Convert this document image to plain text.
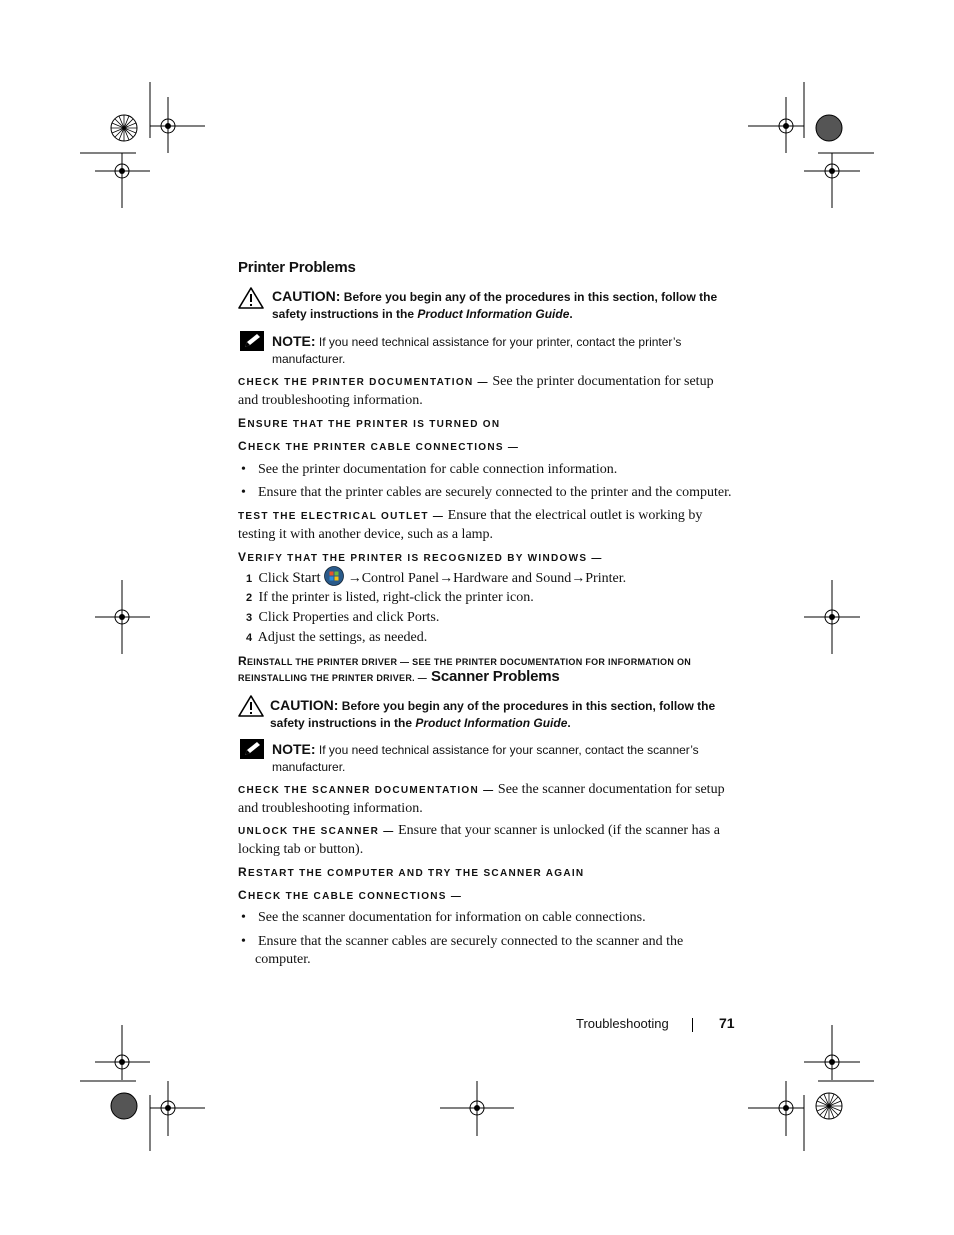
Printer Problems
CAUTION: Before you begin any of the procedures in this section, follow the
safety instructions in the Product Information Guide.
NOTE: If you need technical assistance for your printer, contact the printer’s
manufacturer.
CHECK THE PRINTER DOCUMENTATION — See the printer documentation for setup
and troubleshooting information.
ENSURE THAT THE PRINTER IS TURNED ON
CHECK THE PRINTER CABLE CONNECTIONS —
• See the printer documentation for cable connection information.
• Ensure that the printer cables are securely connected to the printer and the computer.
TEST THE ELECTRICAL OUTLET — Ensure that the electrical outlet is working by
testing it with another device, such as a lamp.
VERIFY THAT THE PRINTER IS RECOGNIZED BY WINDOWS —
1 Click Start →Control Panel→Hardware and Sound→Printer.
2 If the printer is listed, right-click the printer icon.
3 Click Properties and click Ports.
4 Adjust the settings, as needed.
REINSTALL THE PRINTER DRIVER — SEE THE PRINTER DOCUMENTATION FOR INFORMATION ON
REINSTALLING THE PRINTER DRIVER. — Scanner Problems
CAUTION: Before you begin any of the procedures in this section, follow the
safety instructions in the Product Information Guide.
NOTE: If you need technical assistance for your scanner, contact the scanner’s
manufacturer.
CHECK THE SCANNER DOCUMENTATION — See the scanner documentation for setup
and troubleshooting information.
UNLOCK THE SCANNER — Ensure that your scanner is unlocked (if the scanner has a
locking tab or button).
RESTART THE COMPUTER AND TRY THE SCANNER AGAIN
CHECK THE CABLE CONNECTIONS —
• See the scanner documentation for information on cable connections.
• Ensure that the scanner cables are securely connected to the scanner and the
computer.
Troubleshooting	71
